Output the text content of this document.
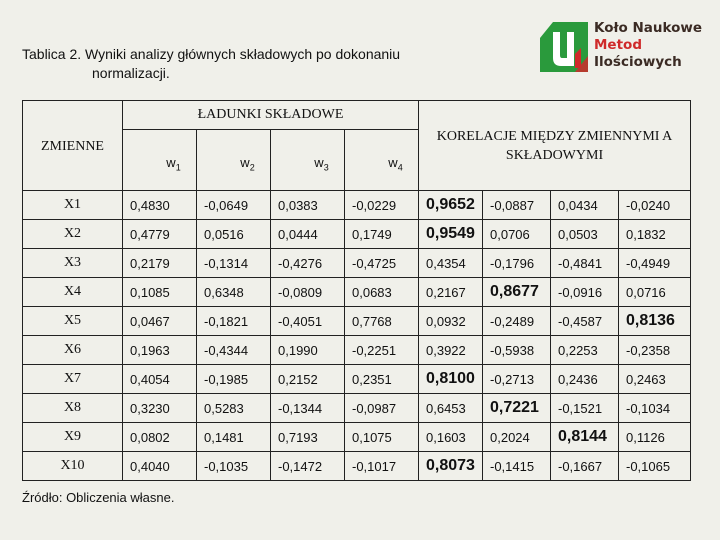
Tablica 2. Wyniki analizy głównych składowych po dokonaniu
normalizacji.
Koło Naukowe
Metod
Ilościowych
ZMIENNE	ŁADUNKI SKŁADOWE				KORELACJE MIĘDZY ZMIENNYMI A SKŁADOWYMI			
	$w_1$	$w_2$	$w_3$	$w_4$
X1	0,4830	-0,0649	0,0383	-0,0229	0,9652	-0,0887	0,0434	-0,0240
X2	0,4779	0,0516	0,0444	0,1749	0,9549	0,0706	0,0503	0,1832
X3	0,2179	-0,1314	-0,4276	-0,4725	0,4354	-0,1796	-0,4841	-0,4949
X4	0,1085	0,6348	-0,0809	0,0683	0,2167	0,8677	-0,0916	0,0716
X5	0,0467	-0,1821	-0,4051	0,7768	0,0932	-0,2489	-0,4587	0,8136
X6	0,1963	-0,4344	0,1990	-0,2251	0,3922	-0,5938	0,2253	-0,2358
X7	0,4054	-0,1985	0,2152	0,2351	0,8100	-0,2713	0,2436	0,2463
X8	0,3230	0,5283	-0,1344	-0,0987	0,6453	0,7221	-0,1521	-0,1034
X9	0,0802	0,1481	0,7193	0,1075	0,1603	0,2024	0,8144	0,1126
X10	0,4040	-0,1035	-0,1472	-0,1017	0,8073	-0,1415	-0,1667	-0,1065
Źródło: Obliczenia własne.
